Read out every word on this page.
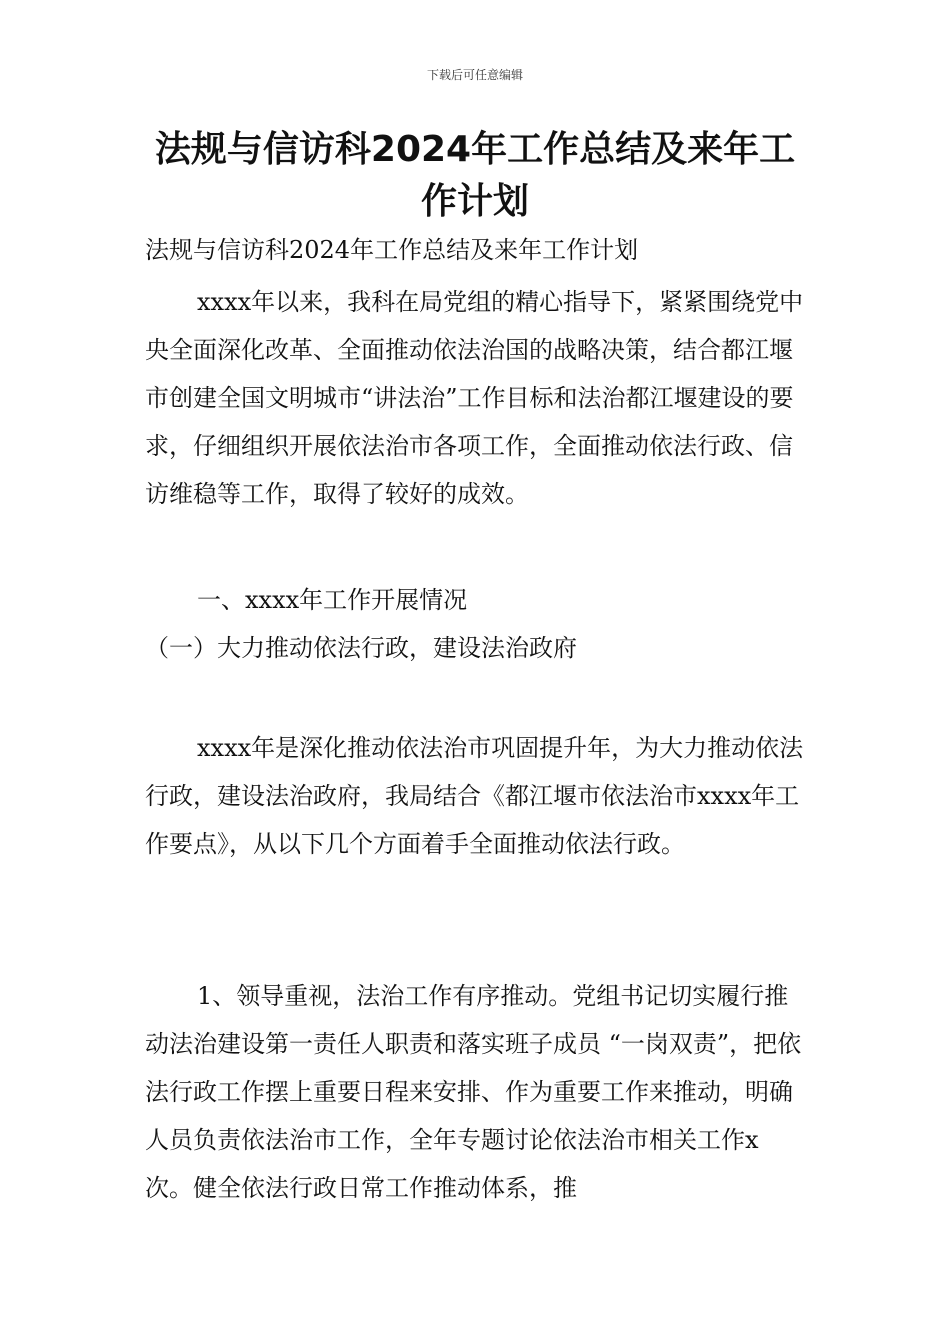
下载后可任意编辑
法规与信访科2024年工作总结及来年工作计划

法规与信访科2024年工作总结及来年工作计划

xxxx年以来，我科在局党组的精心指导下，紧紧围绕党中央全面深化改革、全面推动依法治国的战略决策，结合都江堰市创建全国文明城市“讲法治”工作目标和法治都江堰建设的要求，仔细组织开展依法治市各项工作，全面推动依法行政、信访维稳等工作，取得了较好的成效。

一、xxxx年工作开展情况

（一）大力推动依法行政，建设法治政府

xxxx年是深化推动依法治市巩固提升年，为大力推动依法行政，建设法治政府，我局结合《都江堰市依法治市xxxx年工作要点》，从以下几个方面着手全面推动依法行政。

1、领导重视，法治工作有序推动。党组书记切实履行推动法治建设第一责任人职责和落实班子成员 “一岗双责”，把依法行政工作摆上重要日程来安排、作为重要工作来推动，明确人员负责依法治市工作，全年专题讨论依法治市相关工作x次。健全依法行政日常工作推动体系，推
